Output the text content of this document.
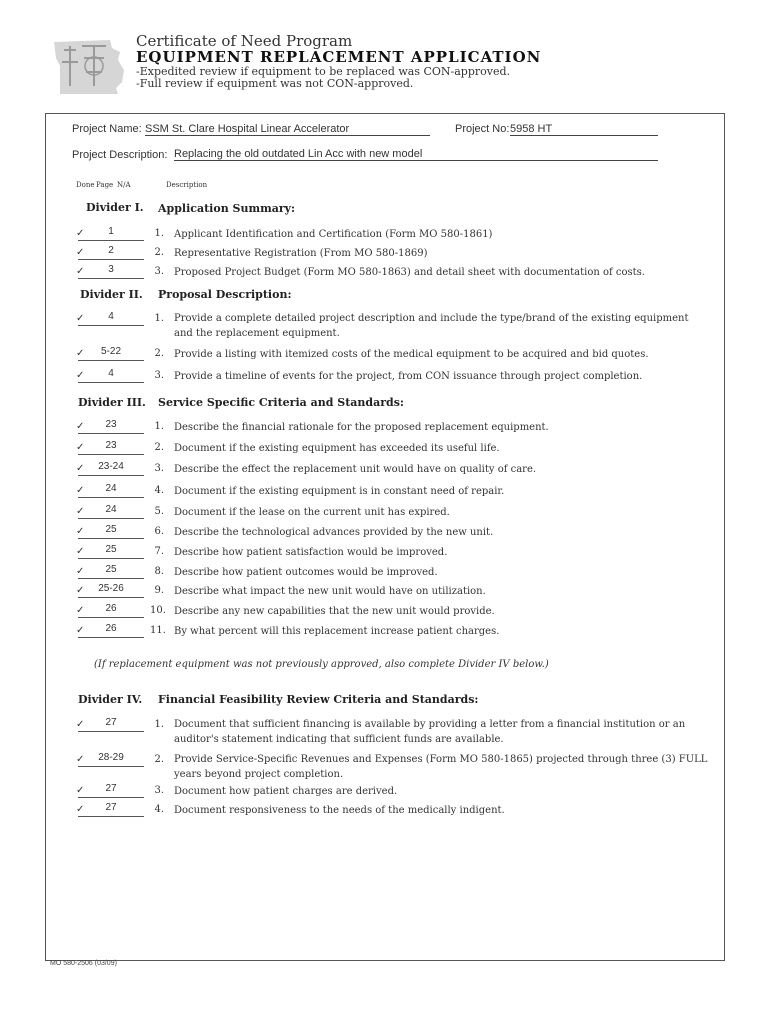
Certificate of Need Program
EQUIPMENT REPLACEMENT APPLICATION
-Expedited review if equipment to be replaced was CON-approved.
-Full review if equipment was not CON-approved.
Project Name: SSM St. Clare Hospital Linear Accelerator	Project No: 5958 HT
Project Description: Replacing the old outdated Lin Acc with new model
Done Page N/A	Description
Divider I. Application Summary:
✓	1	1. Applicant Identification and Certification (Form MO 580-1861)
✓	2	2. Representative Registration (From MO 580-1869)
✓	3	3. Proposed Project Budget (Form MO 580-1863) and detail sheet with documentation of costs.
Divider II. Proposal Description:
✓	4	1. Provide a complete detailed project description and include the type/brand of the existing equipment and the replacement equipment.
✓	5-22	2. Provide a listing with itemized costs of the medical equipment to be acquired and bid quotes.
✓	4	3. Provide a timeline of events for the project, from CON issuance through project completion.
Divider III. Service Specific Criteria and Standards:
✓	23	1. Describe the financial rationale for the proposed replacement equipment.
✓	23	2. Document if the existing equipment has exceeded its useful life.
✓	23-24	3. Describe the effect the replacement unit would have on quality of care.
✓	24	4. Document if the existing equipment is in constant need of repair.
✓	24	5. Document if the lease on the current unit has expired.
✓	25	6. Describe the technological advances provided by the new unit.
✓	25	7. Describe how patient satisfaction would be improved.
✓	25	8. Describe how patient outcomes would be improved.
✓	25-26	9. Describe what impact the new unit would have on utilization.
✓	26	10. Describe any new capabilities that the new unit would provide.
✓	26	11. By what percent will this replacement increase patient charges.
(If replacement equipment was not previously approved, also complete Divider IV below.)
Divider IV. Financial Feasibility Review Criteria and Standards:
✓	27	1. Document that sufficient financing is available by providing a letter from a financial institution or an auditor's statement indicating that sufficient funds are available.
✓	28-29	2. Provide Service-Specific Revenues and Expenses (Form MO 580-1865) projected through three (3) FULL years beyond project completion.
✓	27	3. Document how patient charges are derived.
✓	27	4. Document responsiveness to the needs of the medically indigent.
MO 580-2506 (03/09)
